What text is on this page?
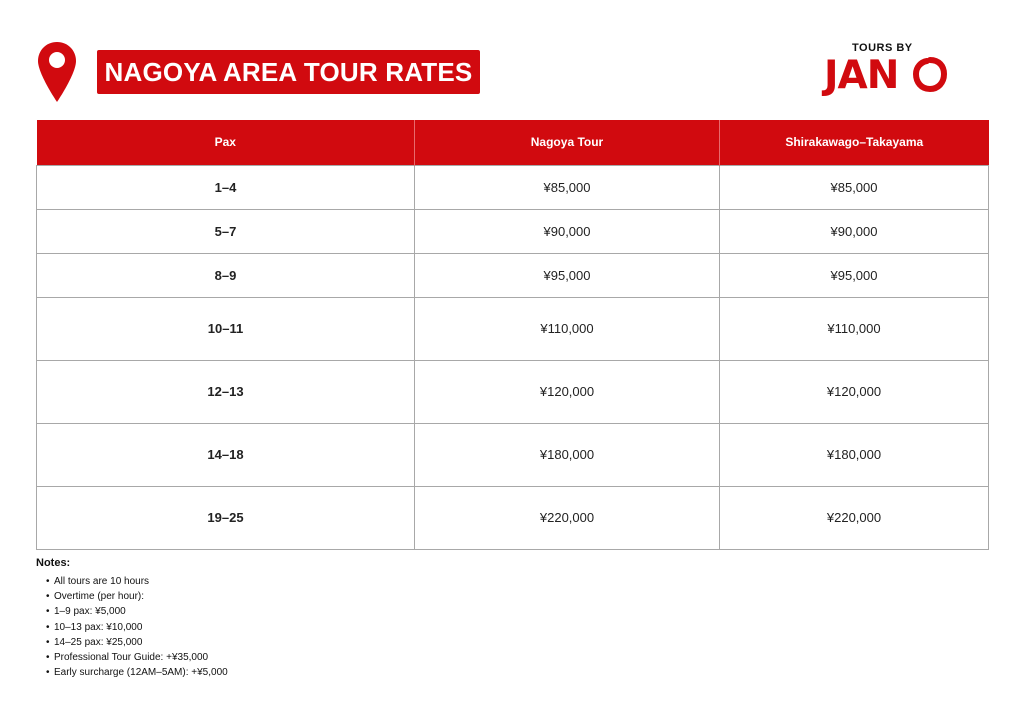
NAGOYA AREA TOUR RATES
TOURS BY
JAN
Pax	Nagoya Tour	Shirakawago–Takayama
1–4	¥85,000	¥85,000
5–7	¥90,000	¥90,000
8–9	¥95,000	¥95,000
10–11	¥110,000	¥110,000
12–13	¥120,000	¥120,000
14–18	¥180,000	¥180,000
19–25	¥220,000	¥220,000
Notes:
• All tours are 10 hours
• Overtime (per hour):
• 1–9 pax: ¥5,000
• 10–13 pax: ¥10,000
• 14–25 pax: ¥25,000
• Professional Tour Guide: +¥35,000
• Early surcharge (12AM–5AM): +¥5,000
